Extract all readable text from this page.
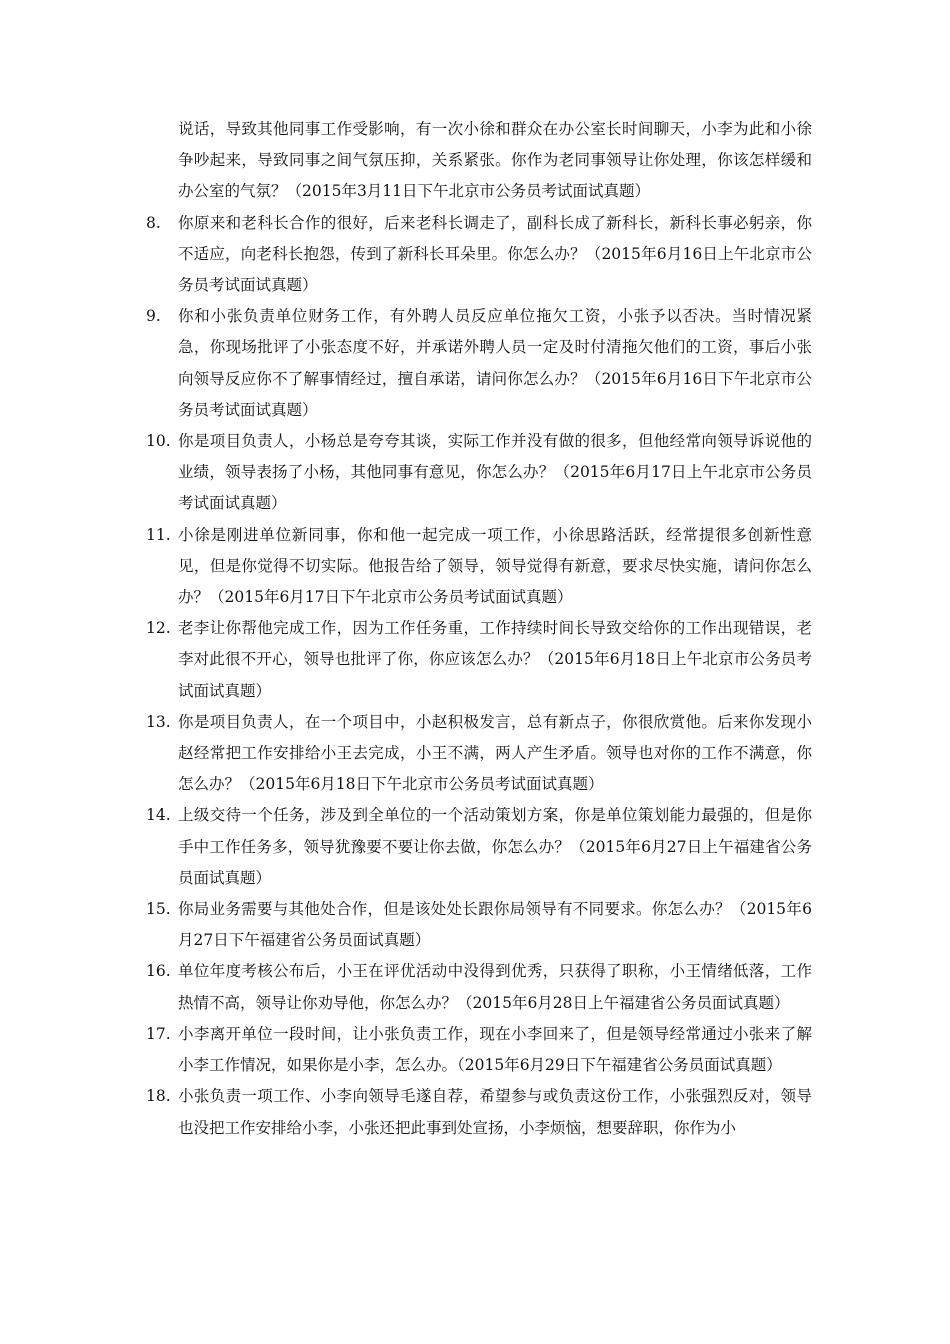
说话，导致其他同事工作受影响，有一次小徐和群众在办公室长时间聊天，小李为此和小徐争吵起来，导致同事之间气氛压抑，关系紧张。你作为老同事领导让你处理，你该怎样缓和办公室的气氛？（2015年3月11日下午北京市公务员考试面试真题）
8. 你原来和老科长合作的很好，后来老科长调走了，副科长成了新科长，新科长事必躬亲，你不适应，向老科长抱怨，传到了新科长耳朵里。你怎么办？（2015年6月16日上午北京市公务员考试面试真题）
9. 你和小张负责单位财务工作，有外聘人员反应单位拖欠工资，小张予以否决。当时情况紧急，你现场批评了小张态度不好，并承诺外聘人员一定及时付清拖欠他们的工资，事后小张向领导反应你不了解事情经过，擅自承诺，请问你怎么办？（2015年6月16日下午北京市公务员考试面试真题）
10. 你是项目负责人，小杨总是夸夸其谈，实际工作并没有做的很多，但他经常向领导诉说他的业绩，领导表扬了小杨，其他同事有意见，你怎么办？（2015年6月17日上午北京市公务员考试面试真题）
11. 小徐是刚进单位新同事，你和他一起完成一项工作，小徐思路活跃，经常提很多创新性意见，但是你觉得不切实际。他报告给了领导，领导觉得有新意，要求尽快实施，请问你怎么办？（2015年6月17日下午北京市公务员考试面试真题）
12. 老李让你帮他完成工作，因为工作任务重，工作持续时间长导致交给你的工作出现错误，老李对此很不开心，领导也批评了你，你应该怎么办？（2015年6月18日上午北京市公务员考试面试真题）
13. 你是项目负责人，在一个项目中，小赵积极发言，总有新点子，你很欣赏他。后来你发现小赵经常把工作安排给小王去完成，小王不满，两人产生矛盾。领导也对你的工作不满意，你怎么办？（2015年6月18日下午北京市公务员考试面试真题）
14. 上级交待一个任务，涉及到全单位的一个活动策划方案，你是单位策划能力最强的，但是你手中工作任务多，领导犹豫要不要让你去做，你怎么办？（2015年6月27日上午福建省公务员面试真题）
15. 你局业务需要与其他处合作，但是该处处长跟你局领导有不同要求。你怎么办？（2015年6月27日下午福建省公务员面试真题）
16. 单位年度考核公布后，小王在评优活动中没得到优秀，只获得了职称，小王情绪低落，工作热情不高，领导让你劝导他，你怎么办？（2015年6月28日上午福建省公务员面试真题）
17. 小李离开单位一段时间，让小张负责工作，现在小李回来了，但是领导经常通过小张来了解小李工作情况，如果你是小李，怎么办。（2015年6月29日下午福建省公务员面试真题）
18. 小张负责一项工作、小李向领导毛遂自荐，希望参与或负责这份工作，小张强烈反对，领导也没把工作安排给小李，小张还把此事到处宣扬，小李烦恼，想要辞职，你作为小
